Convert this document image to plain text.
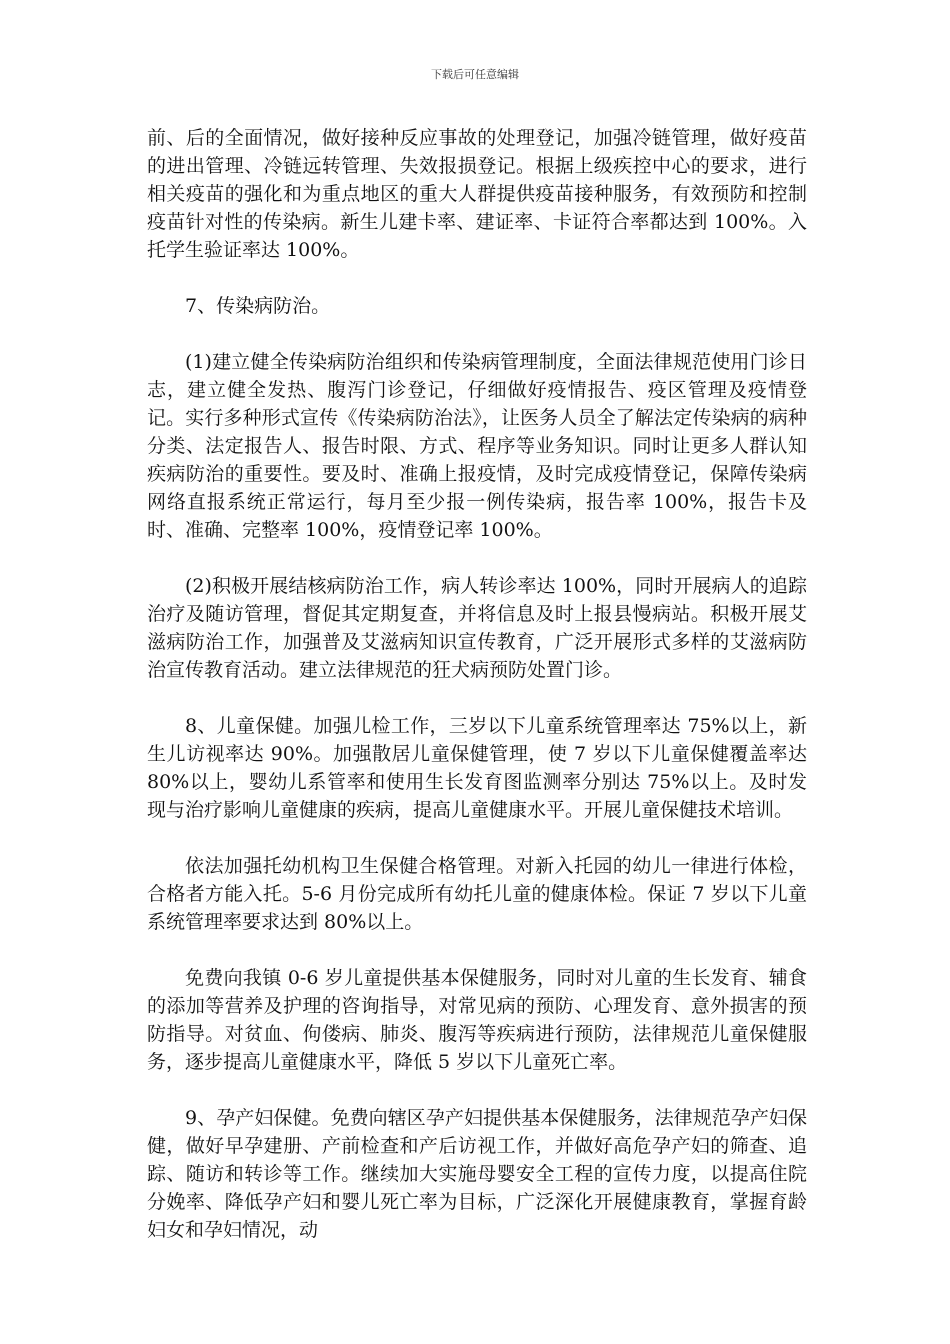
下载后可任意编辑

前、后的全面情况，做好接种反应事故的处理登记，加强冷链管理，做好疫苗的进出管理、冷链远转管理、失效报损登记。根据上级疾控中心的要求，进行相关疫苗的强化和为重点地区的重大人群提供疫苗接种服务，有效预防和控制疫苗针对性的传染病。新生儿建卡率、建证率、卡证符合率都达到 100%。入托学生验证率达 100%。

7、传染病防治。

(1)建立健全传染病防治组织和传染病管理制度，全面法律规范使用门诊日志，建立健全发热、腹泻门诊登记，仔细做好疫情报告、疫区管理及疫情登记。实行多种形式宣传《传染病防治法》，让医务人员全了解法定传染病的病种分类、法定报告人、报告时限、方式、程序等业务知识。同时让更多人群认知疾病防治的重要性。要及时、准确上报疫情，及时完成疫情登记，保障传染病网络直报系统正常运行，每月至少报一例传染病，报告率 100%，报告卡及时、准确、完整率 100%，疫情登记率 100%。

(2)积极开展结核病防治工作，病人转诊率达 100%，同时开展病人的追踪治疗及随访管理，督促其定期复查，并将信息及时上报县慢病站。积极开展艾滋病防治工作，加强普及艾滋病知识宣传教育，广泛开展形式多样的艾滋病防治宣传教育活动。建立法律规范的狂犬病预防处置门诊。

8、儿童保健。加强儿检工作，三岁以下儿童系统管理率达 75%以上，新生儿访视率达 90%。加强散居儿童保健管理，使 7 岁以下儿童保健覆盖率达 80%以上，婴幼儿系管率和使用生长发育图监测率分别达 75%以上。及时发现与治疗影响儿童健康的疾病，提高儿童健康水平。开展儿童保健技术培训。

依法加强托幼机构卫生保健合格管理。对新入托园的幼儿一律进行体检，合格者方能入托。5-6 月份完成所有幼托儿童的健康体检。保证 7 岁以下儿童系统管理率要求达到 80%以上。

免费向我镇 0-6 岁儿童提供基本保健服务，同时对儿童的生长发育、辅食的添加等营养及护理的咨询指导，对常见病的预防、心理发育、意外损害的预防指导。对贫血、佝偻病、肺炎、腹泻等疾病进行预防，法律规范儿童保健服务，逐步提高儿童健康水平，降低 5 岁以下儿童死亡率。

9、孕产妇保健。免费向辖区孕产妇提供基本保健服务，法律规范孕产妇保健，做好早孕建册、产前检查和产后访视工作，并做好高危孕产妇的筛查、追踪、随访和转诊等工作。继续加大实施母婴安全工程的宣传力度，以提高住院分娩率、降低孕产妇和婴儿死亡率为目标，广泛深化开展健康教育，掌握育龄妇女和孕妇情况，动
